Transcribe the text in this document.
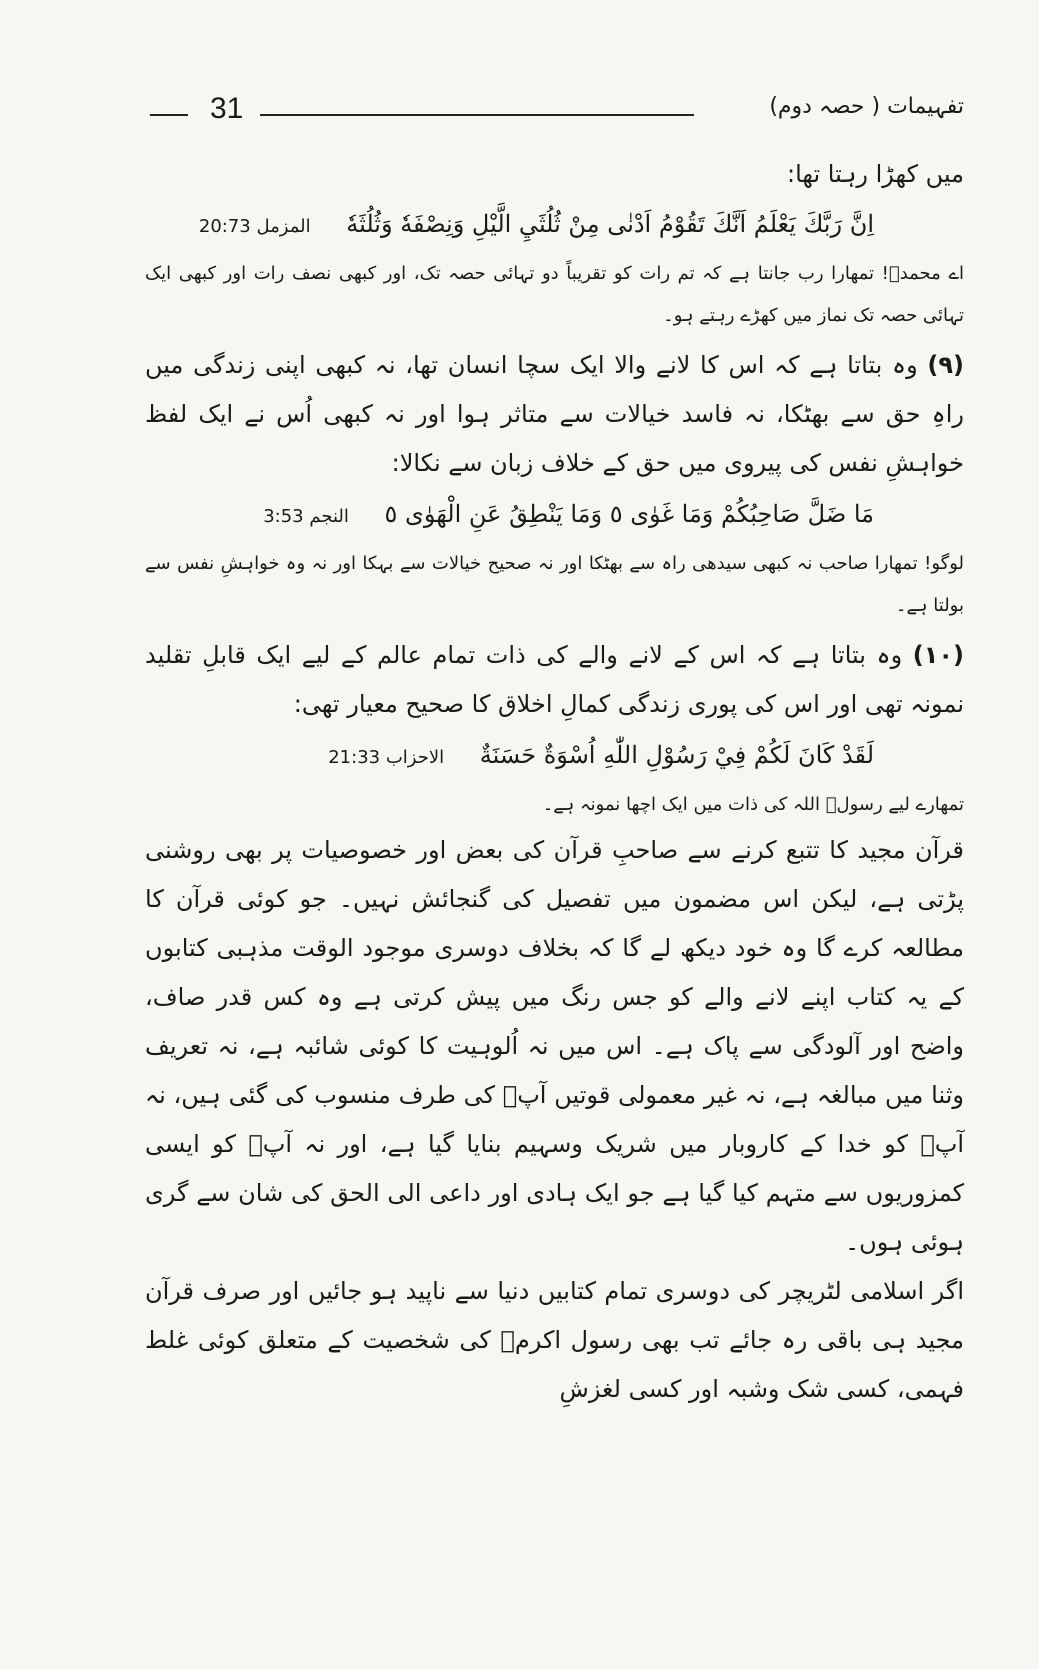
31	تفہیمات ( حصہ دوم)

میں کھڑا رہتا تھا:

اِنَّ رَبَّكَ يَعْلَمُ اَنَّكَ تَقُوْمُ اَدْنٰى مِنْ ثُلُثَيِ الَّيْلِ وَنِصْفَهٗ وَثُلُثَهٗ المزمل 20:73

اے محمدؐ! تمھارا رب جانتا ہے کہ تم رات کو تقریباً دو تہائی حصہ تک، اور کبھی نصف رات اور کبھی ایک تہائی حصہ تک نماز میں کھڑے رہتے ہو۔

(۹) وہ بتاتا ہے کہ اس کا لانے والا ایک سچا انسان تھا، نہ کبھی اپنی زندگی میں راہِ حق سے بھٹکا، نہ فاسد خیالات سے متاثر ہوا اور نہ کبھی اُس نے ایک لفظ خواہشِ نفس کی پیروی میں حق کے خلاف زبان سے نکالا:

مَا ضَلَّ صَاحِبُكُمْ وَمَا غَوٰى ٥ وَمَا يَنْطِقُ عَنِ الْهَوٰى ٥ النجم 3:53

لوگو! تمھارا صاحب نہ کبھی سیدھی راہ سے بھٹکا اور نہ صحیح خیالات سے بہکا اور نہ وہ خواہشِ نفس سے بولتا ہے۔

(۱۰) وہ بتاتا ہے کہ اس کے لانے والے کی ذات تمام عالم کے لیے ایک قابلِ تقلید نمونہ تھی اور اس کی پوری زندگی کمالِ اخلاق کا صحیح معیار تھی:

لَقَدْ كَانَ لَكُمْ فِيْ رَسُوْلِ اللّٰهِ اُسْوَةٌ حَسَنَةٌ الاحزاب 21:33

تمھارے لیے رسولؐ اللہ کی ذات میں ایک اچھا نمونہ ہے۔

قرآن مجید کا تتبع کرنے سے صاحبِ قرآن کی بعض اور خصوصیات پر بھی روشنی پڑتی ہے، لیکن اس مضمون میں تفصیل کی گنجائش نہیں۔ جو کوئی قرآن کا مطالعہ کرے گا وہ خود دیکھ لے گا کہ بخلاف دوسری موجود الوقت مذہبی کتابوں کے یہ کتاب اپنے لانے والے کو جس رنگ میں پیش کرتی ہے وہ کس قدر صاف، واضح اور آلودگی سے پاک ہے۔ اس میں نہ اُلوہیت کا کوئی شائبہ ہے، نہ تعریف وثنا میں مبالغہ ہے، نہ غیر معمولی قوتیں آپؐ کی طرف منسوب کی گئی ہیں، نہ آپؐ کو خدا کے کاروبار میں شریک وسہیم بنایا گیا ہے، اور نہ آپؐ کو ایسی کمزوریوں سے متہم کیا گیا ہے جو ایک ہادی اور داعی الی الحق کی شان سے گری ہوئی ہوں۔

اگر اسلامی لٹریچر کی دوسری تمام کتابیں دنیا سے ناپید ہو جائیں اور صرف قرآن مجید ہی باقی رہ جائے تب بھی رسول اکرمؐ کی شخصیت کے متعلق کوئی غلط فہمی، کسی شک وشبہ اور کسی لغزشِ
